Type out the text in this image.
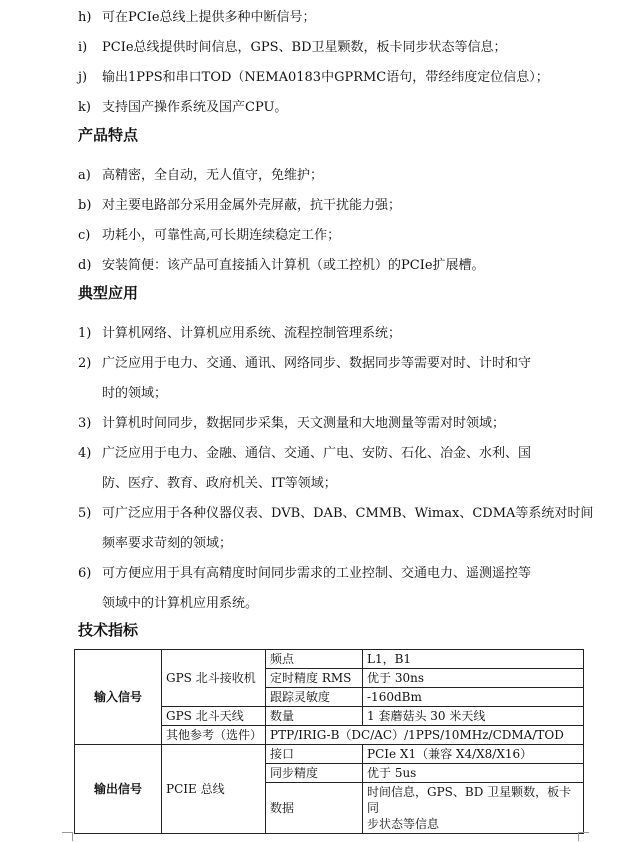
h) 可在PCIe总线上提供多种中断信号；
i) PCIe总线提供时间信息，GPS、BD卫星颗数，板卡同步状态等信息；
j) 输出1PPS和串口TOD（NEMA0183中GPRMC语句，带经纬度定位信息）；
k) 支持国产操作系统及国产CPU。
产品特点
a) 高精密，全自动，无人值守，免维护；
b) 对主要电路部分采用金属外壳屏蔽，抗干扰能力强；
c) 功耗小，可靠性高,可长期连续稳定工作；
d) 安装简便：该产品可直接插入计算机（或工控机）的PCIe扩展槽。
典型应用
1) 计算机网络、计算机应用系统、流程控制管理系统；
2) 广泛应用于电力、交通、通讯、网络同步、数据同步等需要对时、计时和守
时的领域；
3) 计算机时间同步，数据同步采集，天文测量和大地测量等需对时领域；
4) 广泛应用于电力、金融、通信、交通、广电、安防、石化、冶金、水利、国
防、医疗、教育、政府机关、IT等领域；
5) 可广泛应用于各种仪器仪表、DVB、DAB、CMMB、Wimax、CDMA等系统对时间
频率要求苛刻的领域；
6) 可方便应用于具有高精度时间同步需求的工业控制、交通电力、遥测遥控等
领域中的计算机应用系统。
技术指标
输入信号	GPS 北斗接收机	频点	L1，B1
		定时精度 RMS	优于 30ns
		跟踪灵敏度	-160dBm
	GPS 北斗天线	数量	1 套蘑菇头 30 米天线
	其他参考（选件）	PTP/IRIG-B（DC/AC）/1PPS/10MHz/CDMA/TOD	
输出信号	PCIE 总线	接口	PCIe X1（兼容 X4/X8/X16）
		同步精度	优于 5us
		数据	时间信息，GPS、BD 卫星颗数，板卡同
步状态等信息
